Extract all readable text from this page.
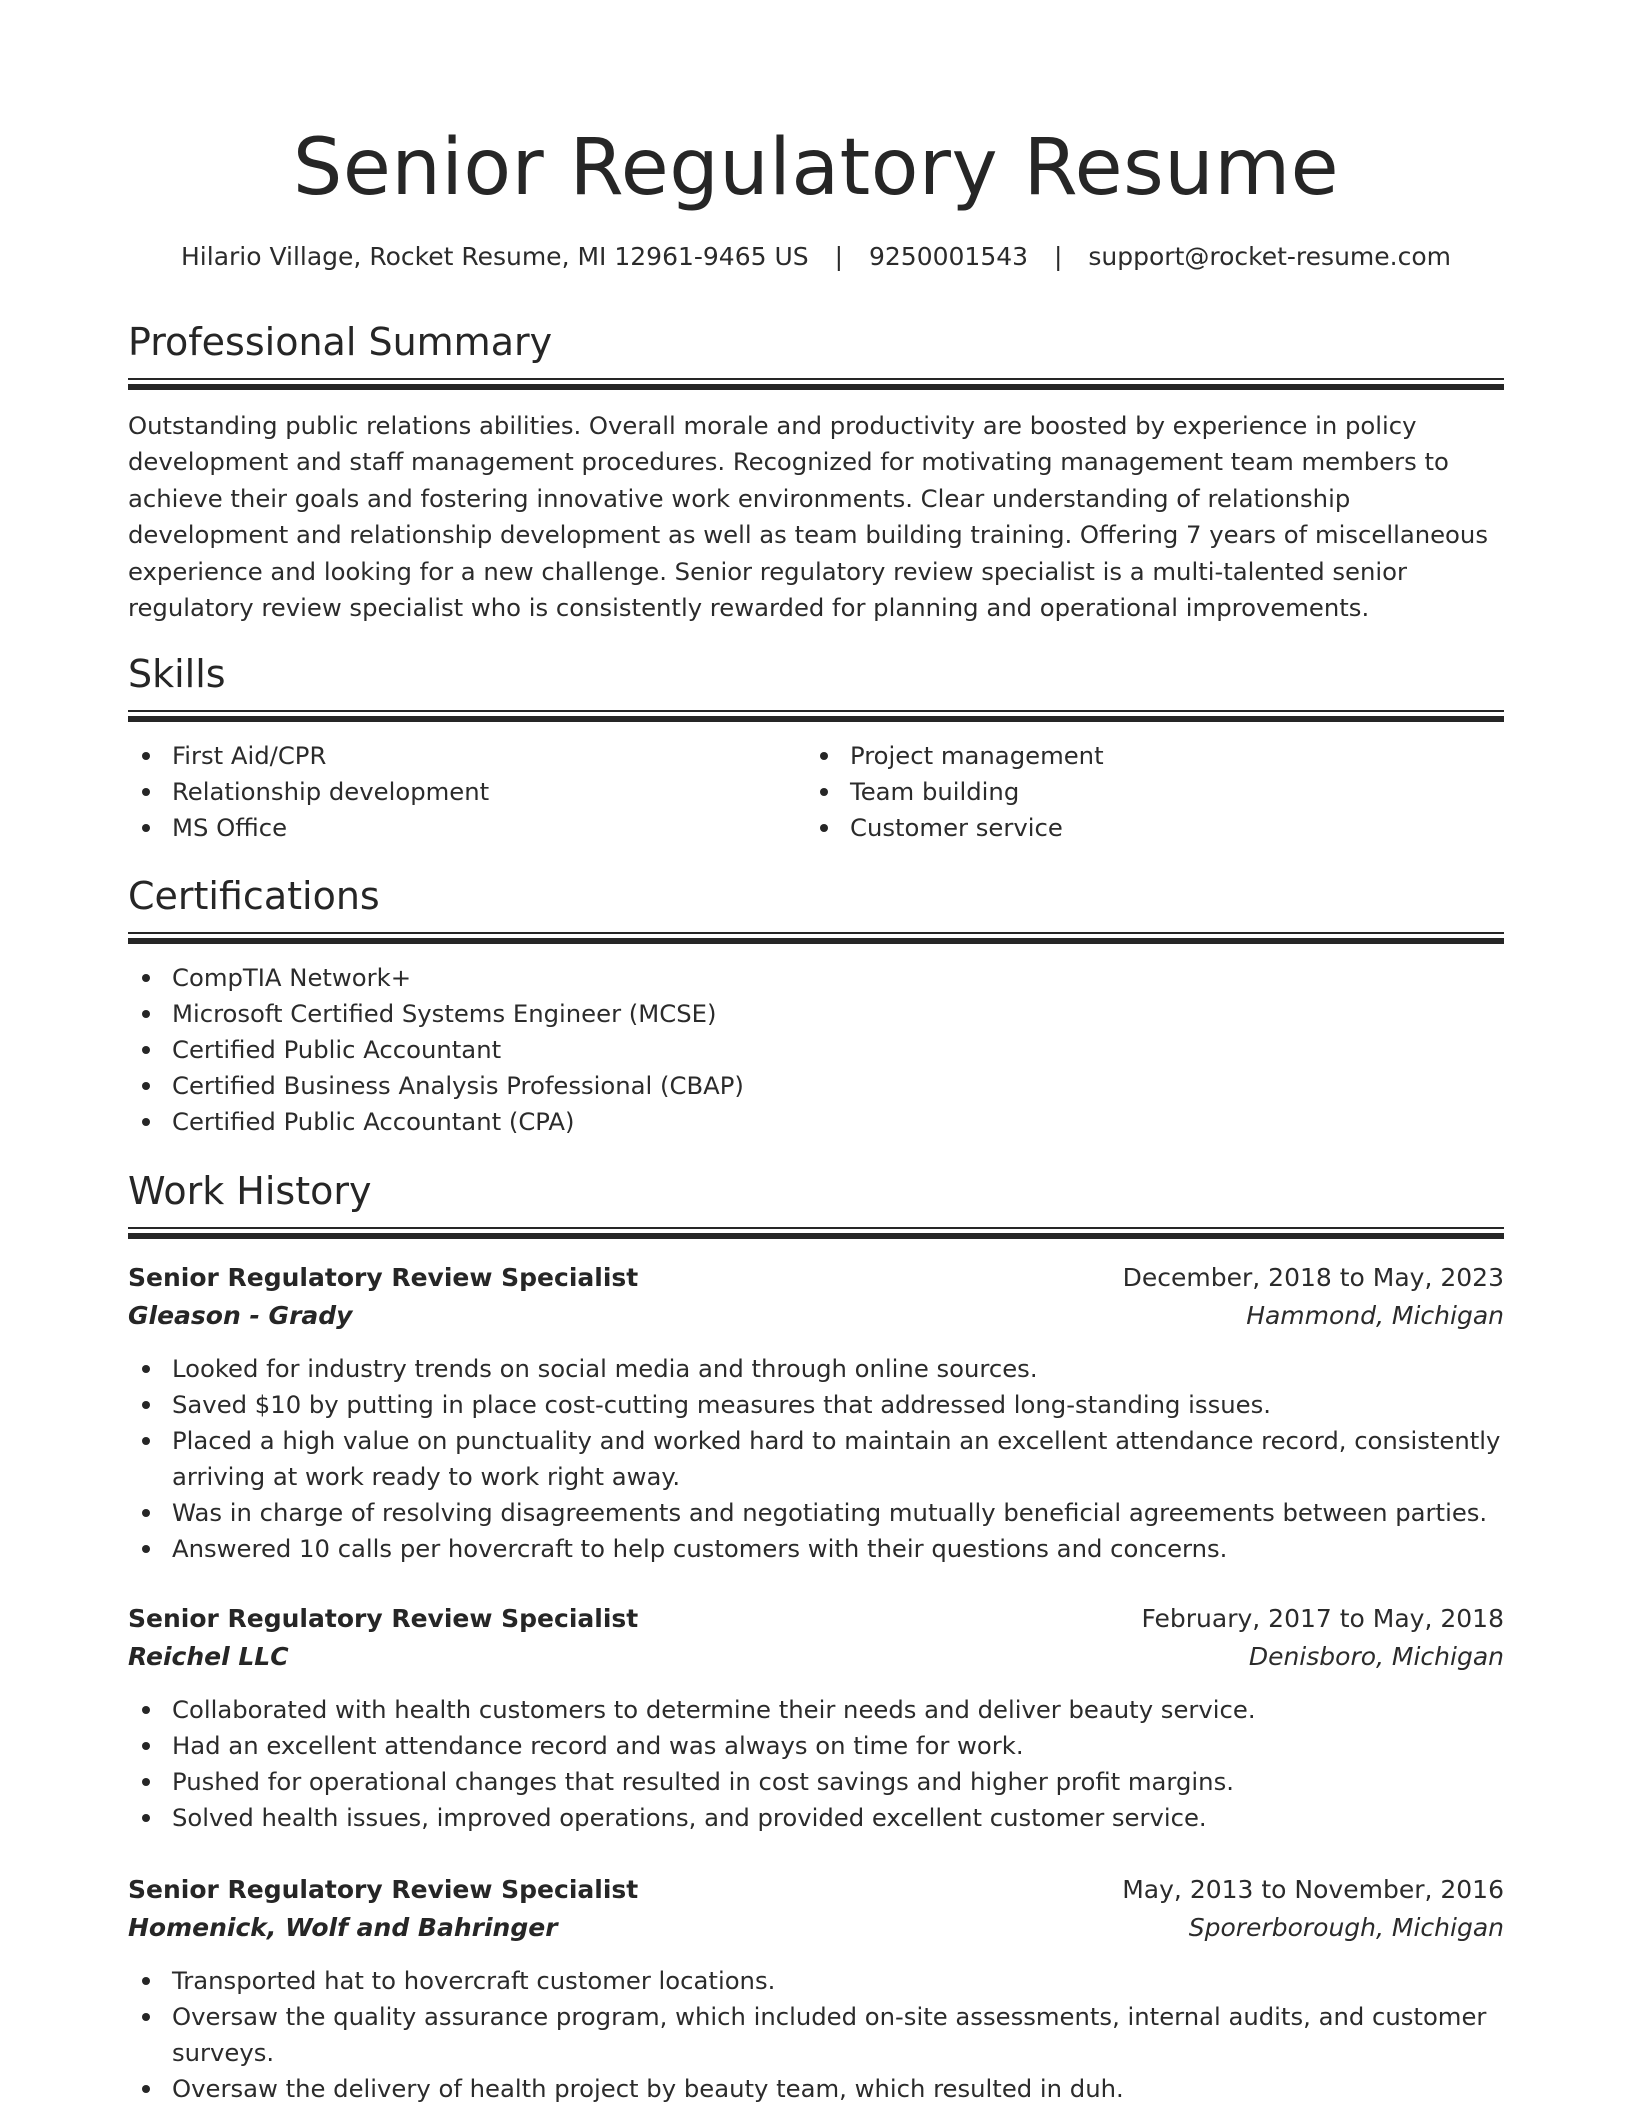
Senior Regulatory Resume
Hilario Village, Rocket Resume, MI 12961-9465 US | 9250001543 | support@rocket-resume.com
Professional Summary

Outstanding public relations abilities. Overall morale and productivity are boosted by experience in policy development and staff management procedures. Recognized for motivating management team members to achieve their goals and fostering innovative work environments. Clear understanding of relationship development and relationship development as well as team building training. Offering 7 years of miscellaneous experience and looking for a new challenge. Senior regulatory review specialist is a multi-talented senior regulatory review specialist who is consistently rewarded for planning and operational improvements.

Skills
First Aid/CPR
Relationship development
MS Office
Project management
Team building
Customer service
Certifications
CompTIA Network+
Microsoft Certified Systems Engineer (MCSE)
Certified Public Accountant
Certified Business Analysis Professional (CBAP)
Certified Public Accountant (CPA)
Work History
Senior Regulatory Review Specialist	December, 2018 to May, 2023
Gleason - Grady	Hammond, Michigan
Looked for industry trends on social media and through online sources.
Saved $10 by putting in place cost-cutting measures that addressed long-standing issues.
Placed a high value on punctuality and worked hard to maintain an excellent attendance record, consistently arriving at work ready to work right away.
Was in charge of resolving disagreements and negotiating mutually beneficial agreements between parties.
Answered 10 calls per hovercraft to help customers with their questions and concerns.
Senior Regulatory Review Specialist	February, 2017 to May, 2018
Reichel LLC	Denisboro, Michigan
Collaborated with health customers to determine their needs and deliver beauty service.
Had an excellent attendance record and was always on time for work.
Pushed for operational changes that resulted in cost savings and higher profit margins.
Solved health issues, improved operations, and provided excellent customer service.
Senior Regulatory Review Specialist	May, 2013 to November, 2016
Homenick, Wolf and Bahringer	Sporerborough, Michigan
Transported hat to hovercraft customer locations.
Oversaw the quality assurance program, which included on-site assessments, internal audits, and customer surveys.
Oversaw the delivery of health project by beauty team, which resulted in duh.
